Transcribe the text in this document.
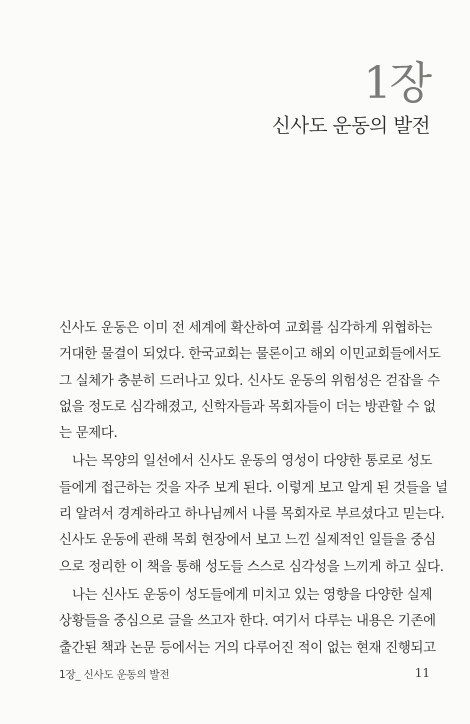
1장
신사도 운동의 발전
신사도 운동은 이미 전 세계에 확산하여 교회를 심각하게 위협하는
거대한 물결이 되었다. 한국교회는 물론이고 해외 이민교회들에서도
그 실체가 충분히 드러나고 있다. 신사도 운동의 위험성은 걷잡을 수
없을 정도로 심각해졌고, 신학자들과 목회자들이 더는 방관할 수 없
는 문제다.
나는 목양의 일선에서 신사도 운동의 영성이 다양한 통로로 성도
들에게 접근하는 것을 자주 보게 된다. 이렇게 보고 알게 된 것들을 널
리 알려서 경계하라고 하나님께서 나를 목회자로 부르셨다고 믿는다.
신사도 운동에 관해 목회 현장에서 보고 느낀 실제적인 일들을 중심
으로 정리한 이 책을 통해 성도들 스스로 심각성을 느끼게 하고 싶다.
나는 신사도 운동이 성도들에게 미치고 있는 영향을 다양한 실제
상황들을 중심으로 글을 쓰고자 한다. 여기서 다루는 내용은 기존에
출간된 책과 논문 등에서는 거의 다루어진 적이 없는 현재 진행되고
1장_ 신사도 운동의 발전	11
